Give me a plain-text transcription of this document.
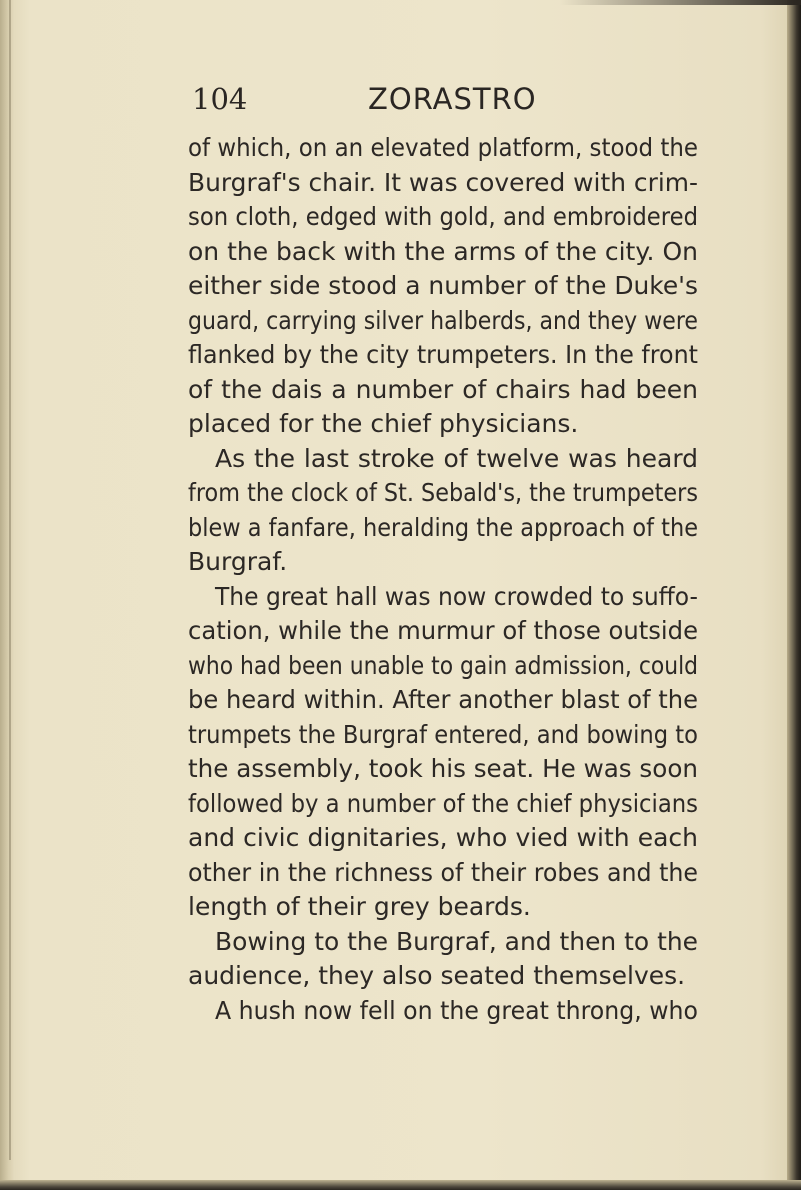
104	ZORASTRO
of which, on an elevated platform, stood the
Burgraf's chair. It was covered with crim-
son cloth, edged with gold, and embroidered
on the back with the arms of the city. On
either side stood a number of the Duke's
guard, carrying silver halberds, and they were
flanked by the city trumpeters. In the front
of the dais a number of chairs had been
placed for the chief physicians.
As the last stroke of twelve was heard
from the clock of St. Sebald's, the trumpeters
blew a fanfare, heralding the approach of the
Burgraf.
The great hall was now crowded to suffo-
cation, while the murmur of those outside
who had been unable to gain admission, could
be heard within. After another blast of the
trumpets the Burgraf entered, and bowing to
the assembly, took his seat. He was soon
followed by a number of the chief physicians
and civic dignitaries, who vied with each
other in the richness of their robes and the
length of their grey beards.
Bowing to the Burgraf, and then to the
audience, they also seated themselves.
A hush now fell on the great throng, who
